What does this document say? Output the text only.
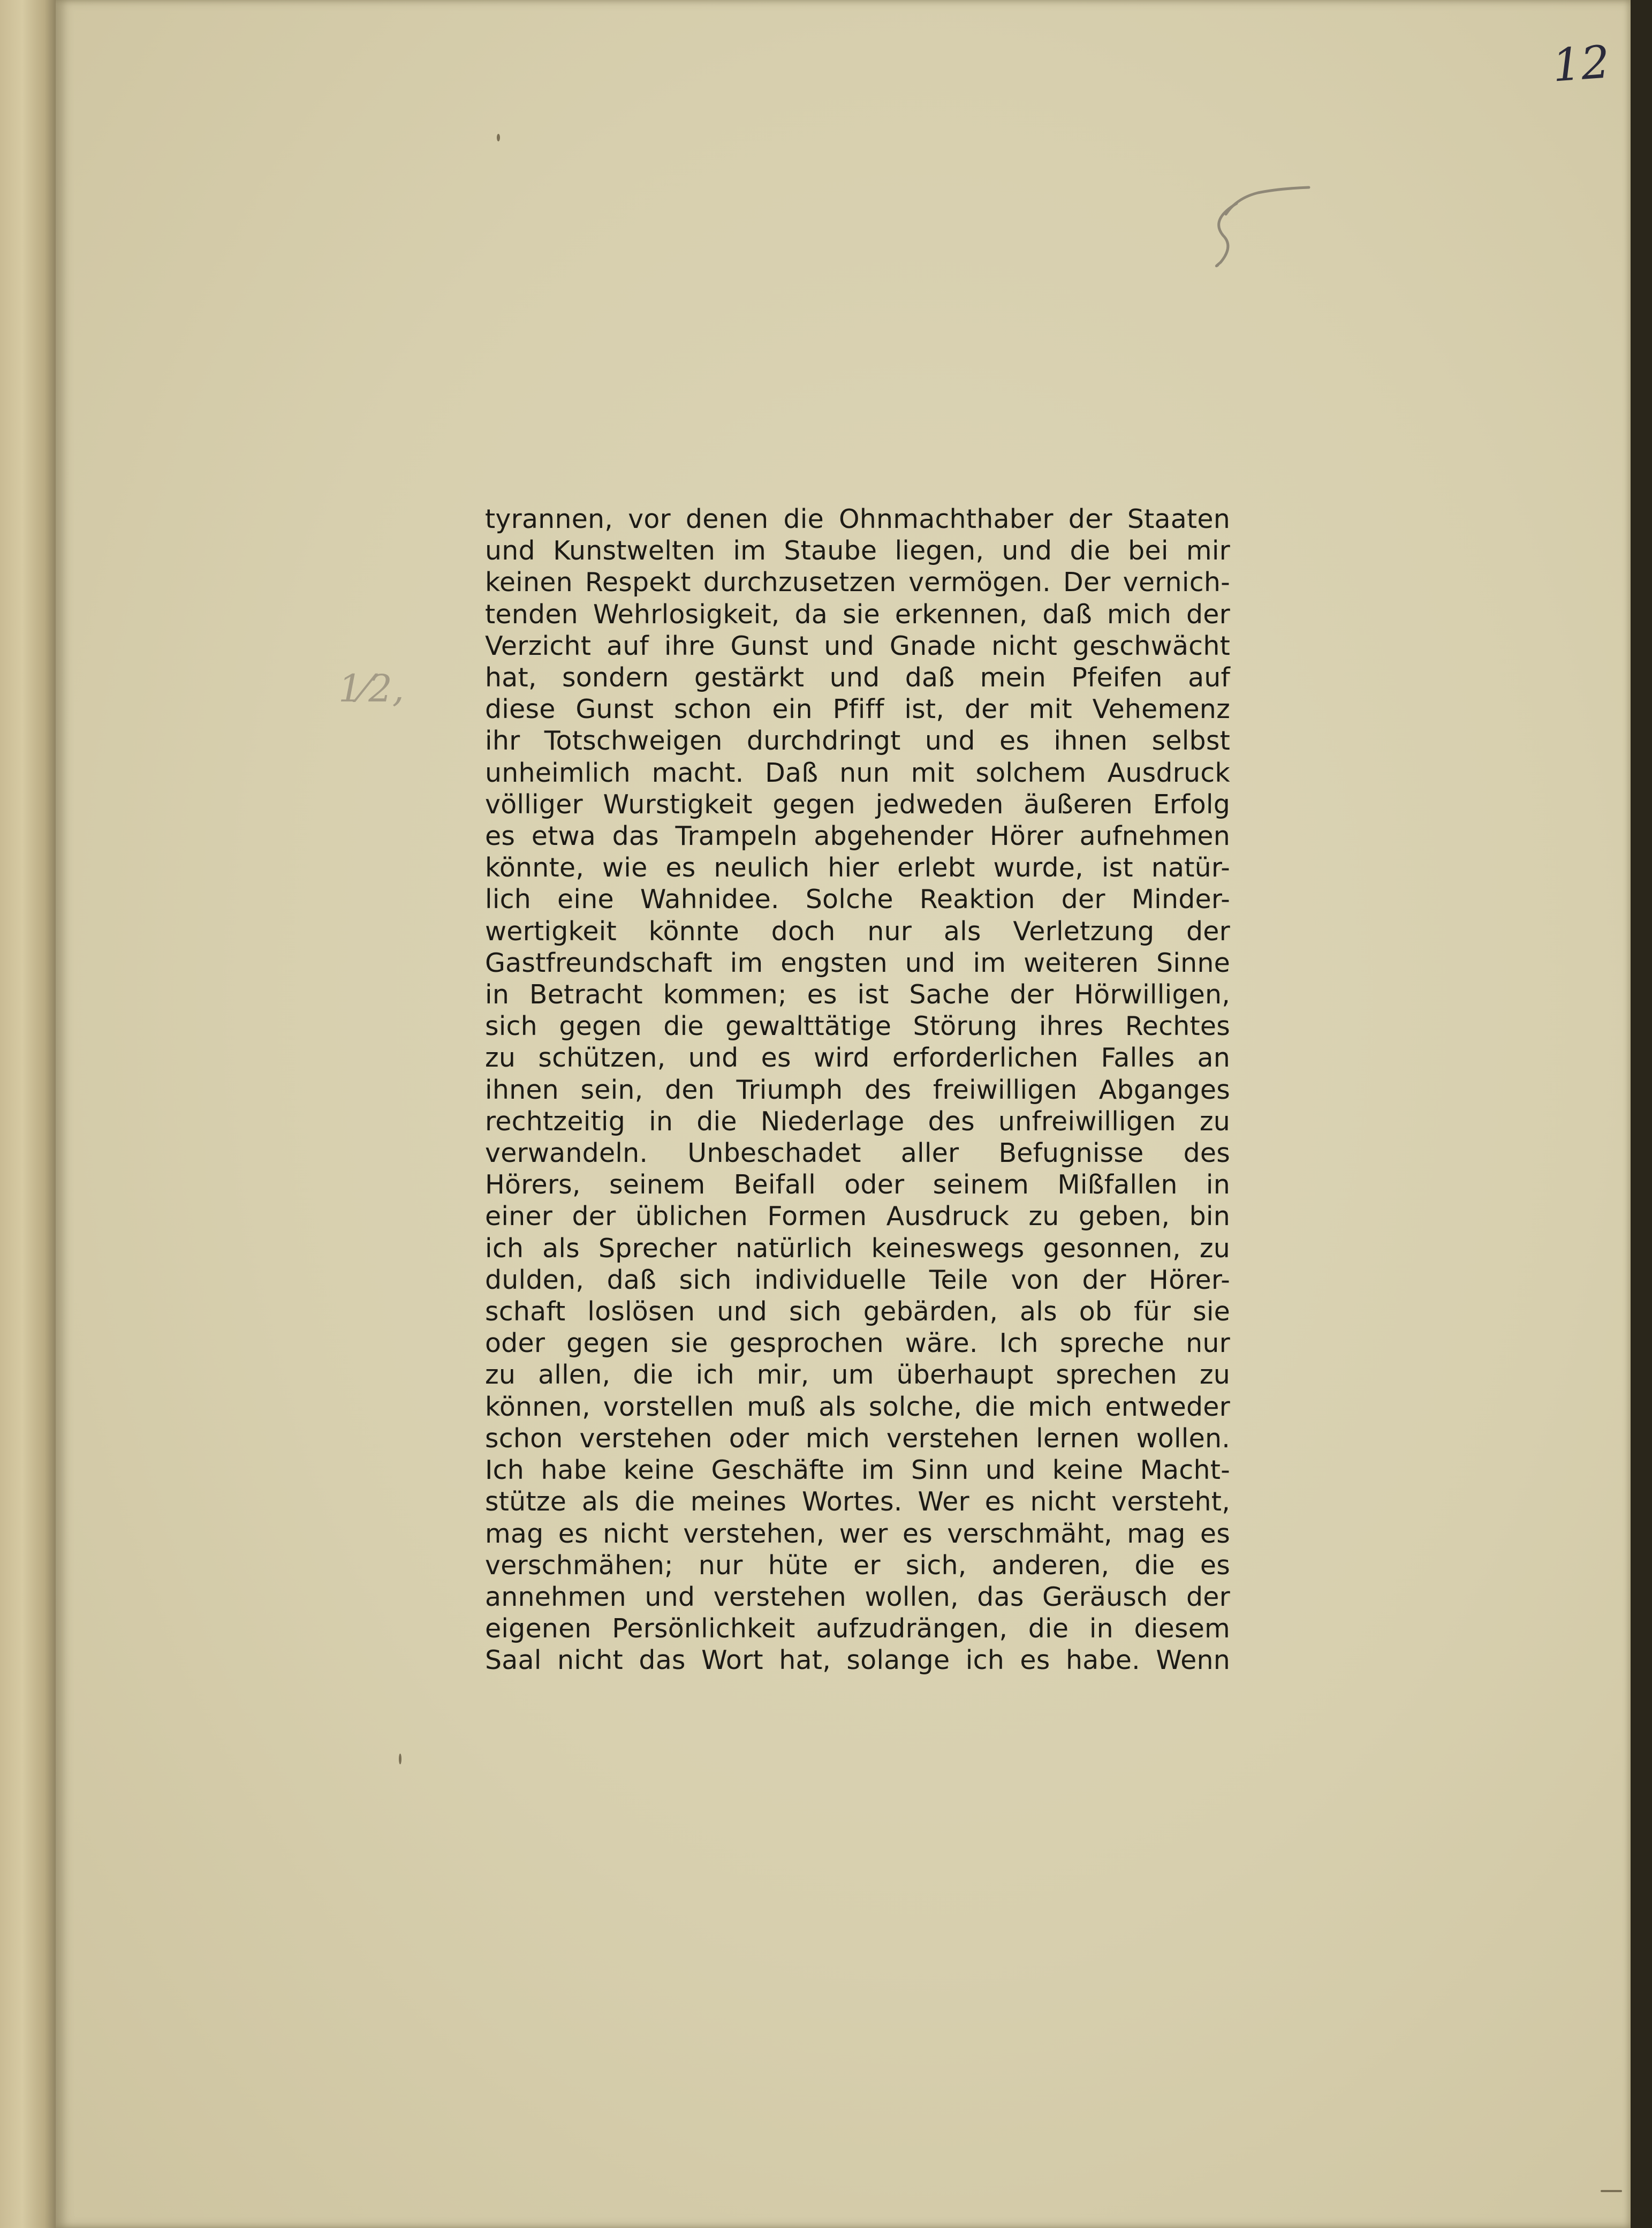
12
1⁄2,
tyrannen, vor denen die Ohnmachthaber der Staaten
und Kunstwelten im Staube liegen, und die bei mir
keinen Respekt durchzusetzen vermögen. Der vernich-
tenden Wehrlosigkeit, da sie erkennen, daß mich der
Verzicht auf ihre Gunst und Gnade nicht geschwächt
hat, sondern gestärkt und daß mein Pfeifen auf
diese Gunst schon ein Pfiff ist, der mit Vehemenz
ihr Totschweigen durchdringt und es ihnen selbst
unheimlich macht. Daß nun mit solchem Ausdruck
völliger Wurstigkeit gegen jedweden äußeren Erfolg
es etwa das Trampeln abgehender Hörer aufnehmen
könnte, wie es neulich hier erlebt wurde, ist natür-
lich eine Wahnidee. Solche Reaktion der Minder-
wertigkeit könnte doch nur als Verletzung der
Gastfreundschaft im engsten und im weiteren Sinne
in Betracht kommen; es ist Sache der Hörwilligen,
sich gegen die gewalttätige Störung ihres Rechtes
zu schützen, und es wird erforderlichen Falles an
ihnen sein, den Triumph des freiwilligen Abganges
rechtzeitig in die Niederlage des unfreiwilligen zu
verwandeln. Unbeschadet aller Befugnisse des
Hörers, seinem Beifall oder seinem Mißfallen in
einer der üblichen Formen Ausdruck zu geben, bin
ich als Sprecher natürlich keineswegs gesonnen, zu
dulden, daß sich individuelle Teile von der Hörer-
schaft loslösen und sich gebärden, als ob für sie
oder gegen sie gesprochen wäre. Ich spreche nur
zu allen, die ich mir, um überhaupt sprechen zu
können, vorstellen muß als solche, die mich entweder
schon verstehen oder mich verstehen lernen wollen.
Ich habe keine Geschäfte im Sinn und keine Macht-
stütze als die meines Wortes. Wer es nicht versteht,
mag es nicht verstehen, wer es verschmäht, mag es
verschmähen; nur hüte er sich, anderen, die es
annehmen und verstehen wollen, das Geräusch der
eigenen Persönlichkeit aufzudrängen, die in diesem
Saal nicht das Wort hat, solange ich es habe. Wenn
